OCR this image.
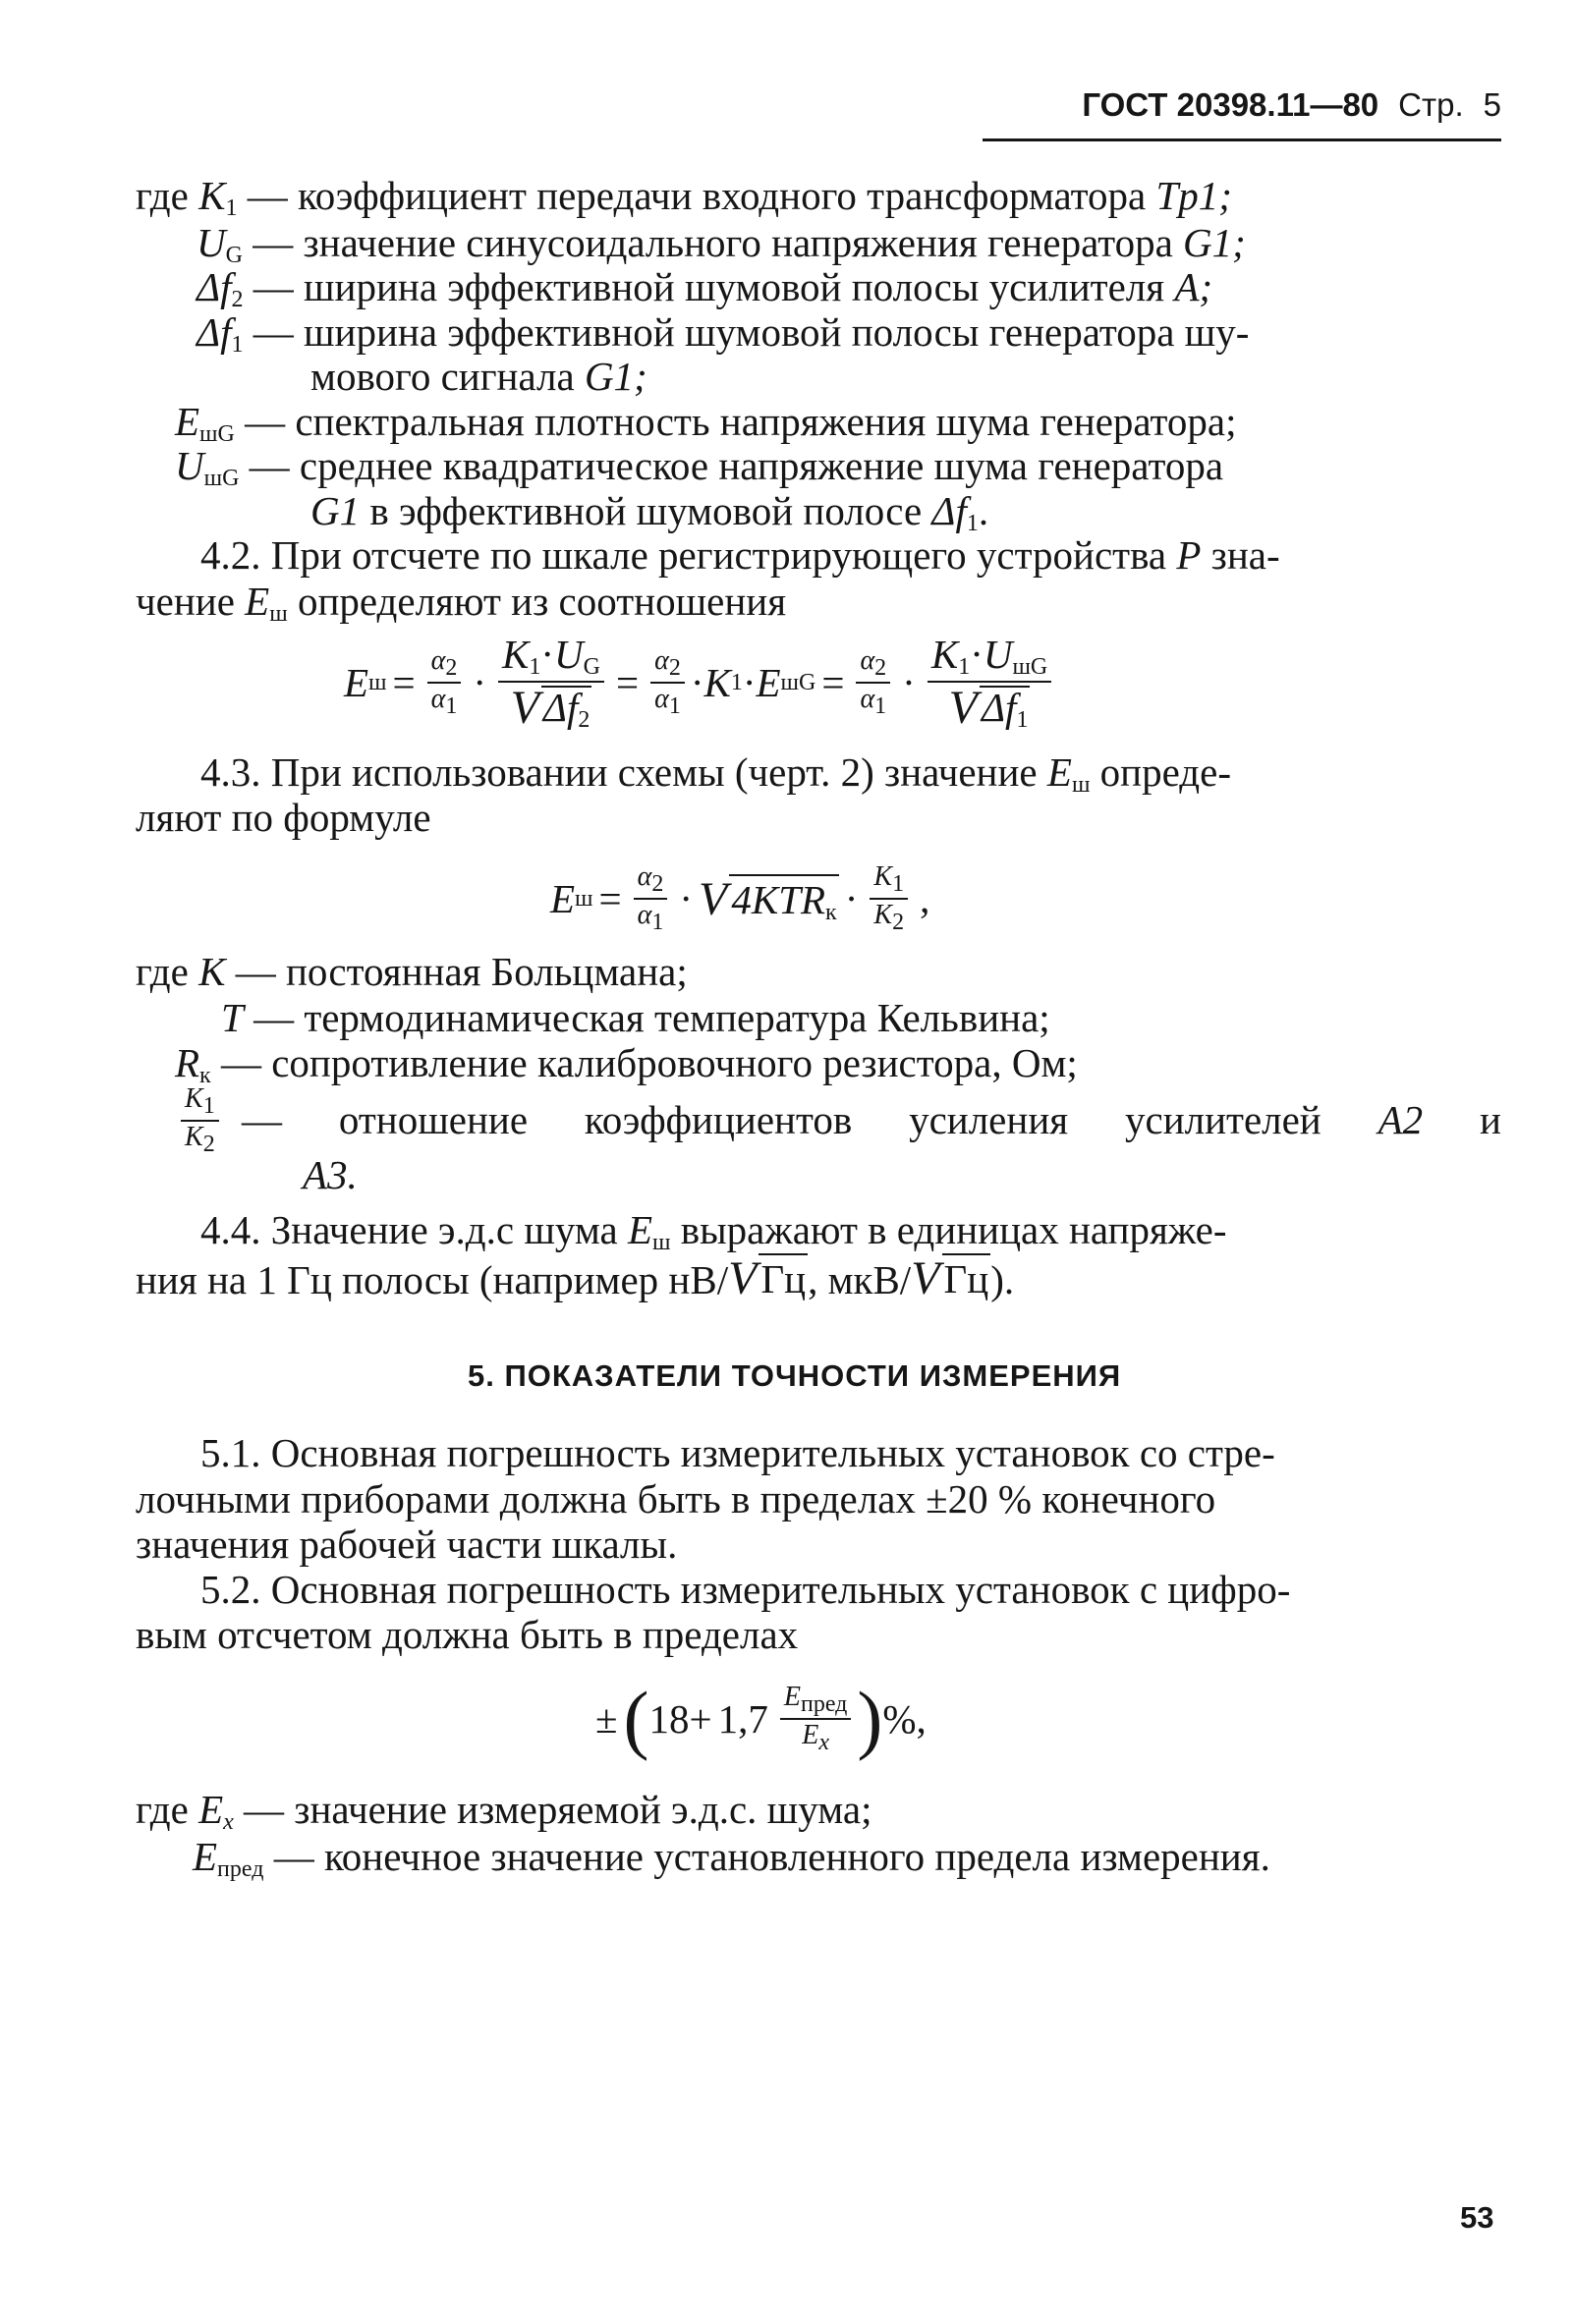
ГОСТ 20398.11—80 Стр. 5
где $K_1$ — коэффициент передачи входного трансформатора Tp1;
$U_G$ — значение синусоидального напряжения генератора G1;
$\Delta f_2$ — ширина эффективной шумовой полосы усилителя A;
$\Delta f_1$ — ширина эффективной шумовой полосы генератора шу-
мового сигнала G1;
$E_{шG}$ — спектральная плотность напряжения шума генератора;
$U_{шG}$ — среднее квадратическое напряжение шума генератора
G1 в эффективной шумовой полосе $\Delta f_1$.
4.2. При отсчете по шкале регистрирующего устройства P зна-
чение $E_ш$ определяют из соотношения
E $ш = \frac{\alpha 2}{\alpha 1} \cdot \frac{K_1\cdot U_G}{V \Delta f_2} = \frac{\alpha 2}{\alpha 1} \cdot K$ 1 · E шG = $\frac{\alpha 2}{\alpha 1} \cdot \frac{K_1\cdot U_{шG}}{V \Delta f_1}$
4.3. При использовании схемы (черт. 2) значение $E_ш$ опреде-
ляют по формуле
E $ш = \frac{\alpha 2}{\alpha 1} \cdot V$ $4KTR_к \cdot \frac{K1}{K2}$ ,
где K — постоянная Больцмана;
T — термодинамическая температура Кельвина;
$R_к$ — сопротивление калибровочного резистора, Ом;
$\frac{K1}{K2}$ — отношение коэффициентов усиления усилителей A2 и
A3.
4.4. Значение э.д.с шума $E_ш$ выражают в единицах напряже-
ния на 1 Гц полосы (например нВ/ V Гц , мкВ/ V Гц ).
5. ПОКАЗАТЕЛИ ТОЧНОСТИ ИЗМЕРЕНИЯ
5.1. Основная погрешность измерительных установок со стре-
лочными приборами должна быть в пределах ±20 % конечного
значения рабочей части шкалы.
5.2. Основная погрешность измерительных установок с цифро-
вым отсчетом должна быть в пределах
± ( $18+ 1,7 \frac{\text{Eпред}}{Ex}$ ) %,
где Ex — значение измеряемой э.д.с. шума;
$E_{пред}$ — конечное значение установленного предела измерения.
53
